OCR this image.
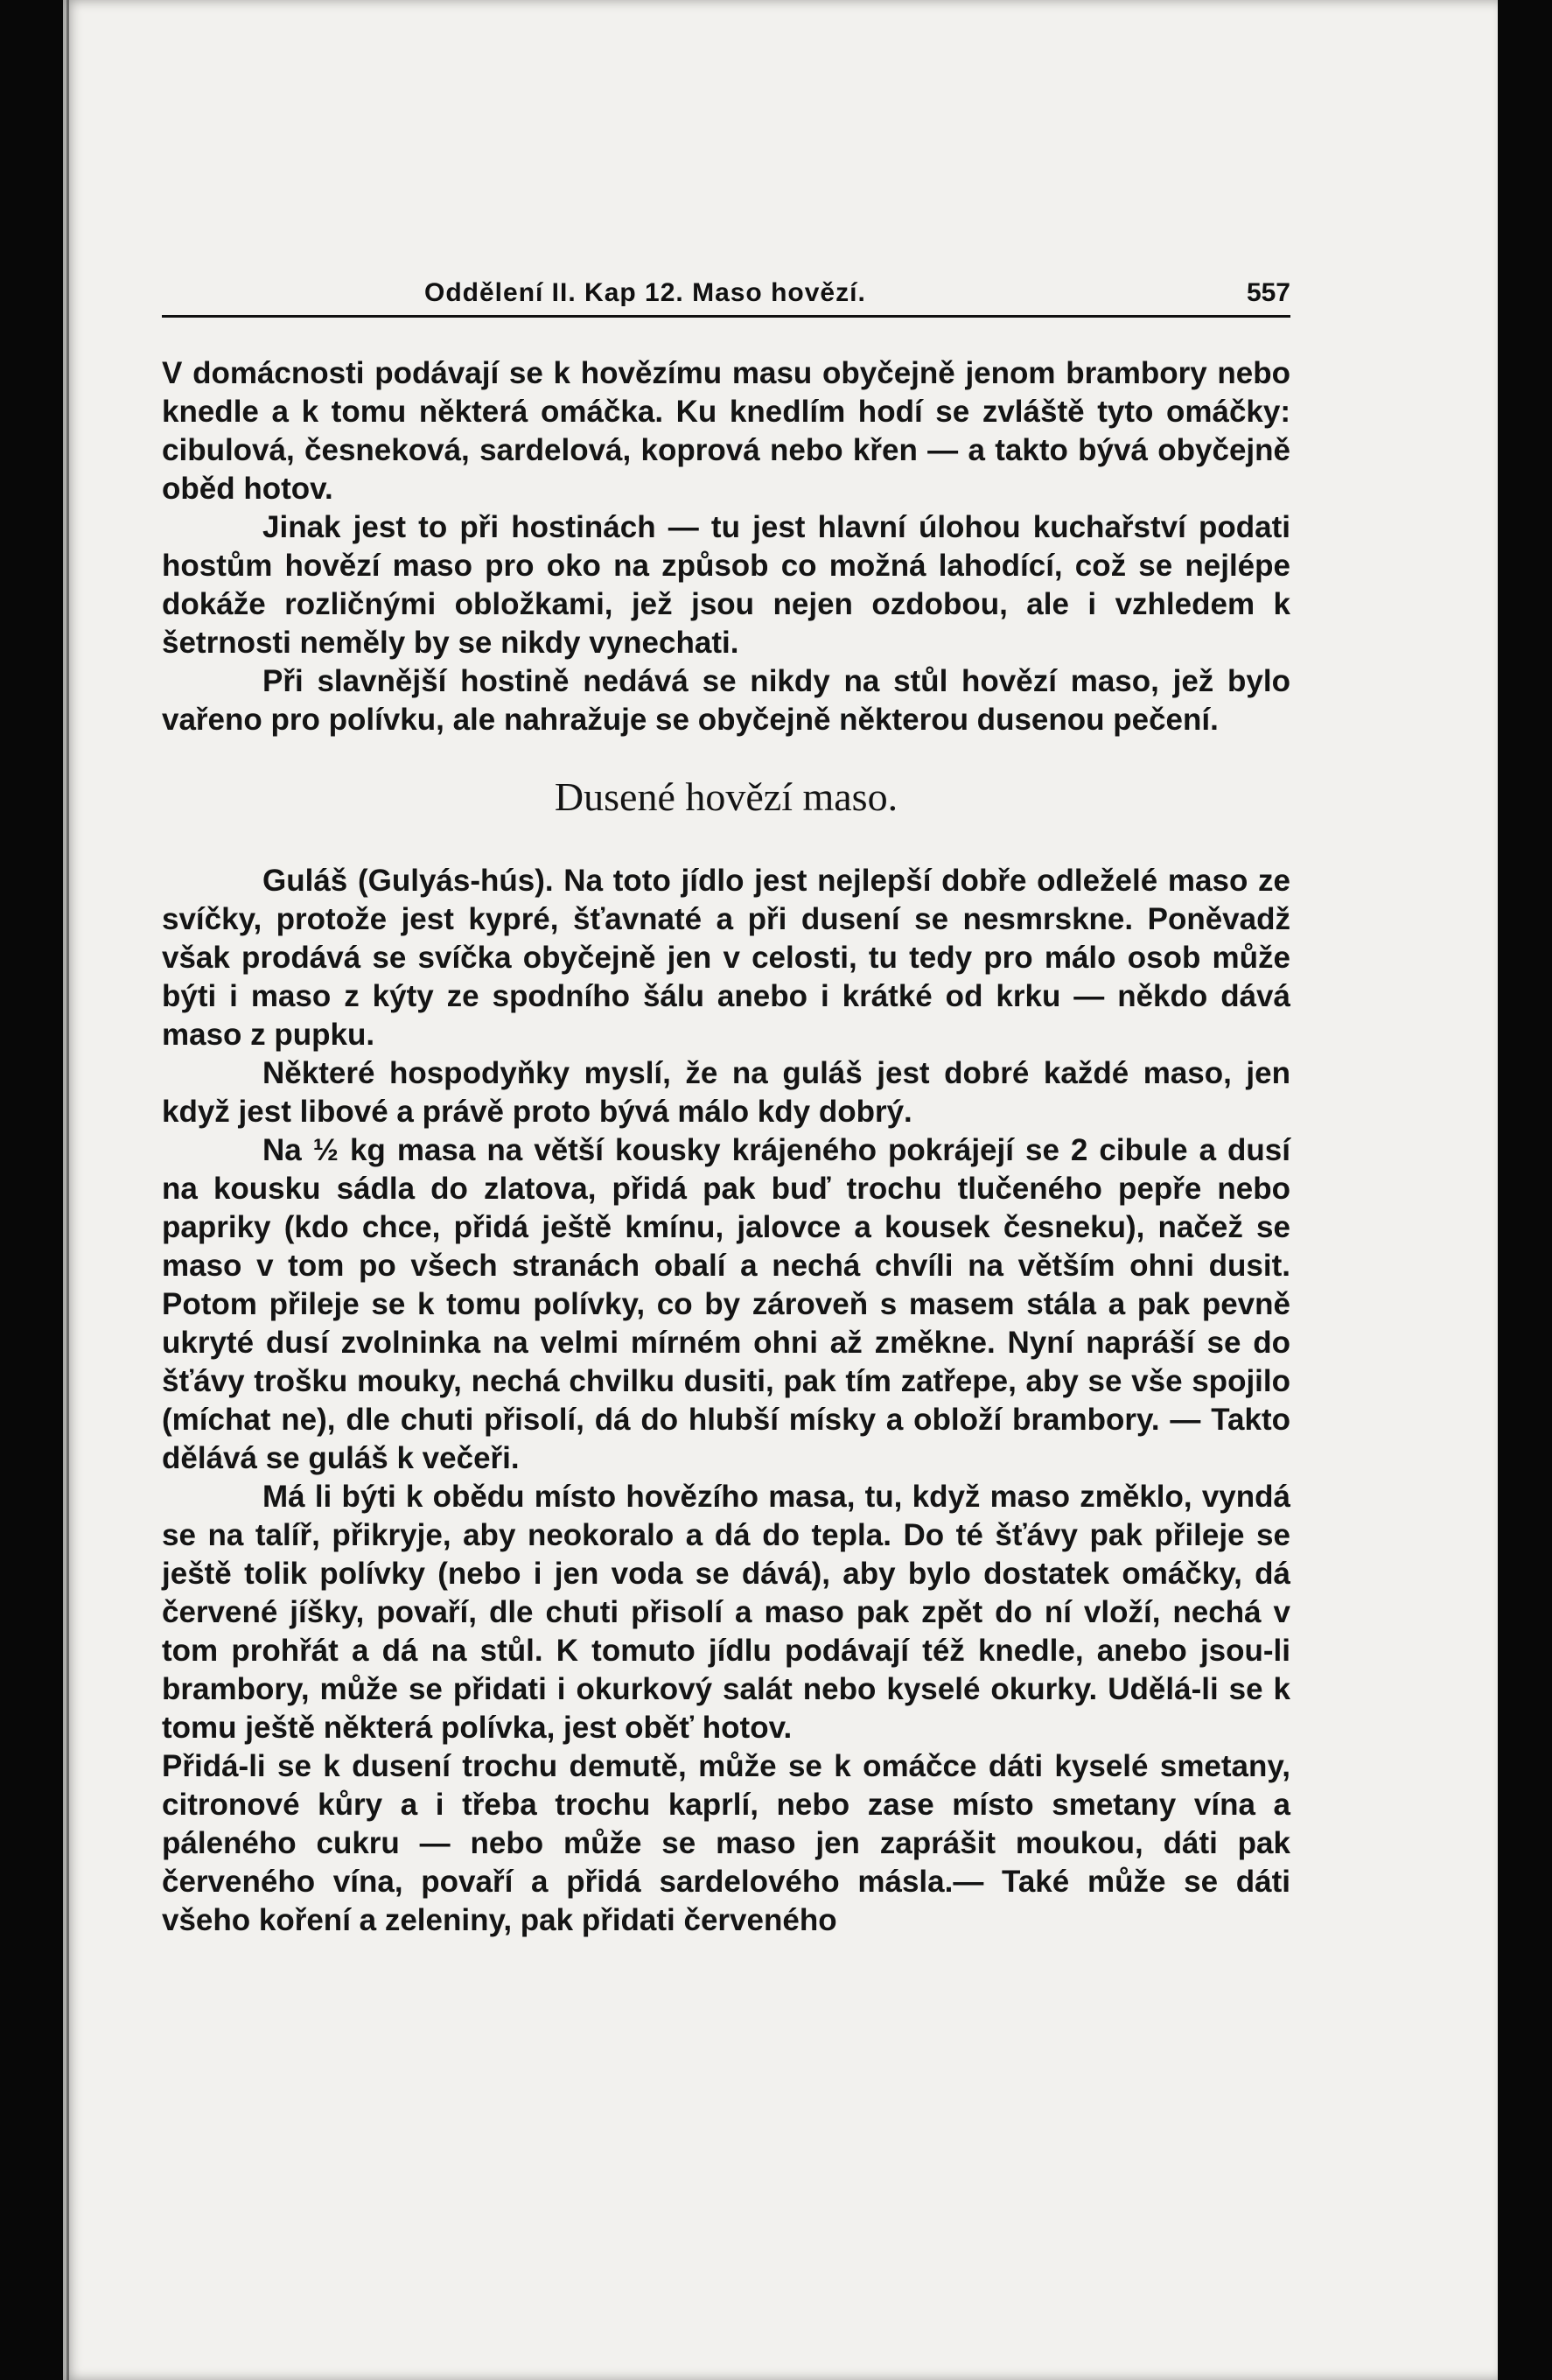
Oddělení II. Kap 12. Maso hovězí.	557

V domácnosti podávají se k hovězímu masu obyčejně jenom brambory nebo knedle a k tomu některá omáčka. Ku knedlím hodí se zvláště tyto omáčky: cibulová, česneková, sardelová, koprová nebo křen — a takto bývá obyčejně oběd hotov.

Jinak jest to při hostinách — tu jest hlavní úlohou kuchařství podati hostům hovězí maso pro oko na způsob co možná lahodící, což se nejlépe dokáže rozličnými obložkami, jež jsou nejen ozdobou, ale i vzhledem k šetrnosti neměly by se nikdy vynechati.

Při slavnější hostině nedává se nikdy na stůl hovězí maso, jež bylo vařeno pro polívku, ale nahražuje se obyčejně některou dusenou pečení.

Dusené hovězí maso.

Guláš (Gulyás-hús). Na toto jídlo jest nejlepší dobře odleželé maso ze svíčky, protože jest kypré, šťavnaté a při dusení se nesmrskne. Poněvadž však prodává se svíčka obyčejně jen v celosti, tu tedy pro málo osob může býti i maso z kýty ze spodního šálu anebo i krátké od krku — někdo dává maso z pupku.

Některé hospodyňky myslí, že na guláš jest dobré každé maso, jen když jest libové a právě proto bývá málo kdy dobrý.

Na ½ kg masa na větší kousky krájeného pokrájejí se 2 cibule a dusí na kousku sádla do zlatova, přidá pak buď trochu tlučeného pepře nebo papriky (kdo chce, přidá ještě kmínu, jalovce a kousek česneku), načež se maso v tom po všech stranách obalí a nechá chvíli na větším ohni dusit. Potom přileje se k tomu polívky, co by zároveň s masem stála a pak pevně ukryté dusí zvolninka na velmi mírném ohni až změkne. Nyní napráší se do šťávy trošku mouky, nechá chvilku dusiti, pak tím zatřepe, aby se vše spojilo (míchat ne), dle chuti přisolí, dá do hlubší mísky a obloží brambory. — Takto dělává se guláš k večeři.

Má li býti k obědu místo hovězího masa, tu, když maso změklo, vyndá se na talíř, přikryje, aby neokoralo a dá do tepla. Do té šťávy pak přileje se ještě tolik polívky (nebo i jen voda se dává), aby bylo dostatek omáčky, dá červené jíšky, povaří, dle chuti přisolí a maso pak zpět do ní vloží, nechá v tom prohřát a dá na stůl. K tomuto jídlu podávají též knedle, anebo jsou-li brambory, může se přidati i okurkový salát nebo kyselé okurky. Udělá-li se k tomu ještě některá polívka, jest oběť hotov.

Přidá-li se k dusení trochu demutě, může se k omáčce dáti kyselé smetany, citronové kůry a i třeba trochu kaprlí, nebo zase místo smetany vína a páleného cukru — nebo může se maso jen zaprášit moukou, dáti pak červeného vína, povaří a přidá sardelového másla.— Také může se dáti všeho koření a zeleniny, pak přidati červeného
